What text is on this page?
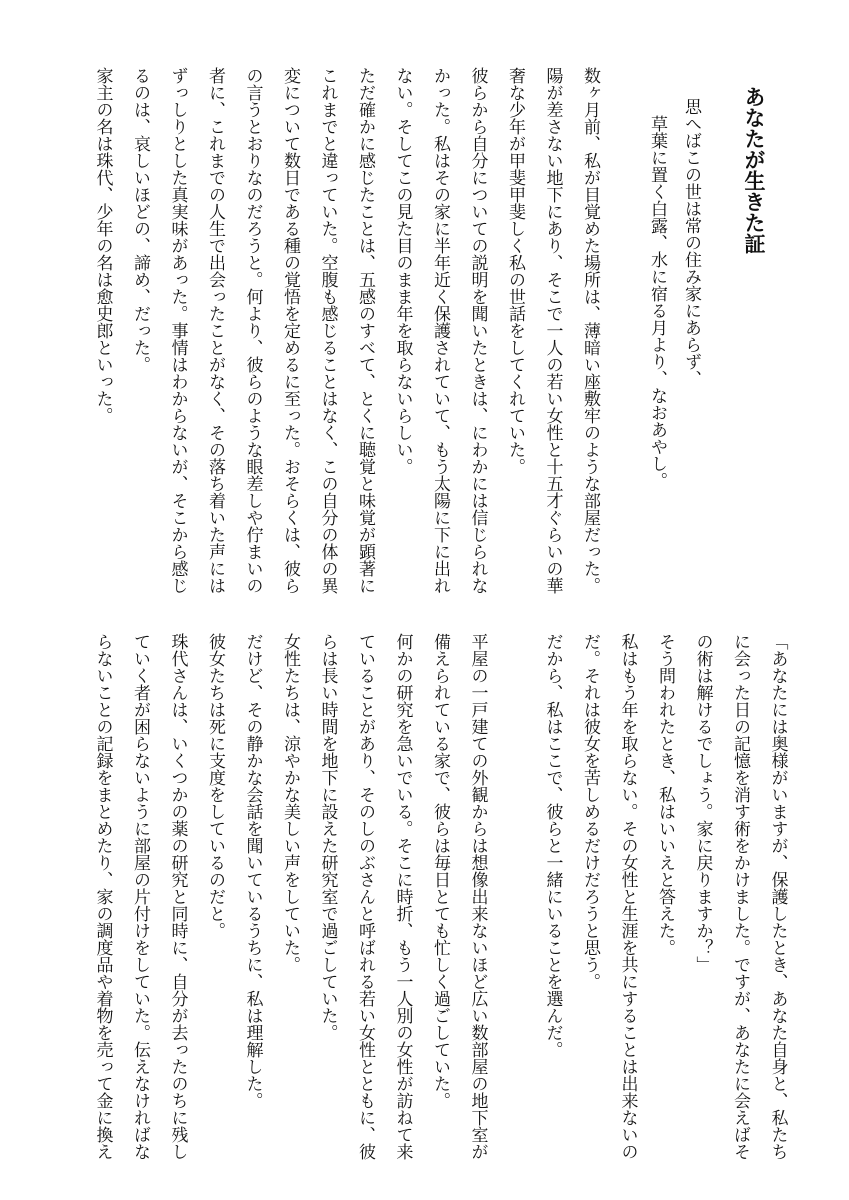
あなたが生きた証

思へばこの世は常の住み家にあらず、

草葉に置く白露、水に宿る月より、なおあやし。

数ヶ月前、私が目覚めた場所は、薄暗い座敷牢のような部屋だった。

陽が差さない地下にあり、そこで一人の若い女性と十五才ぐらいの華

奢な少年が甲斐甲斐しく私の世話をしてくれていた。

彼らから自分についての説明を聞いたときは、にわかには信じられな

かった。私はその家に半年近く保護されていて、もう太陽に下に出れ

ない。そしてこの見た目のまま年を取らないらしい。

ただ確かに感じたことは、五感のすべて、とくに聴覚と味覚が顕著に

これまでと違っていた。空腹も感じることはなく、この自分の体の異

変について数日である種の覚悟を定めるに至った。おそらくは、彼ら

の言うとおりなのだろうと。何より、彼らのような眼差しや佇まいの

者に、これまでの人生で出会ったことがなく、その落ち着いた声には

ずっしりとした真実味があった。事情はわからないが、そこから感じ

るのは、哀しいほどの、諦め、だった。

家主の名は珠代、少年の名は愈史郎といった。

「あなたには奥様がいますが、保護したとき、あなた自身と、私たち

に会った日の記憶を消す術をかけました。ですが、あなたに会えばそ

の術は解けるでしょう。家に戻りますか？」

そう問われたとき、私はいいえと答えた。

私はもう年を取らない。その女性と生涯を共にすることは出来ないの

だ。それは彼女を苦しめるだけだろうと思う。

だから、私はここで、彼らと一緒にいることを選んだ。

平屋の一戸建ての外観からは想像出来ないほど広い数部屋の地下室が

備えられている家で、彼らは毎日とても忙しく過ごしていた。

何かの研究を急いでいる。そこに時折、もう一人別の女性が訪ねて来

ていることがあり、そのしのぶさんと呼ばれる若い女性とともに、彼

らは長い時間を地下に設えた研究室で過ごしていた。

女性たちは、涼やかな美しい声をしていた。

だけど、その静かな会話を聞いているうちに、私は理解した。

彼女たちは死に支度をしているのだと。

珠代さんは、いくつかの薬の研究と同時に、自分が去ったのちに残し

ていく者が困らないように部屋の片付けをしていた。伝えなければな

らないことの記録をまとめたり、家の調度品や着物を売って金に換え
